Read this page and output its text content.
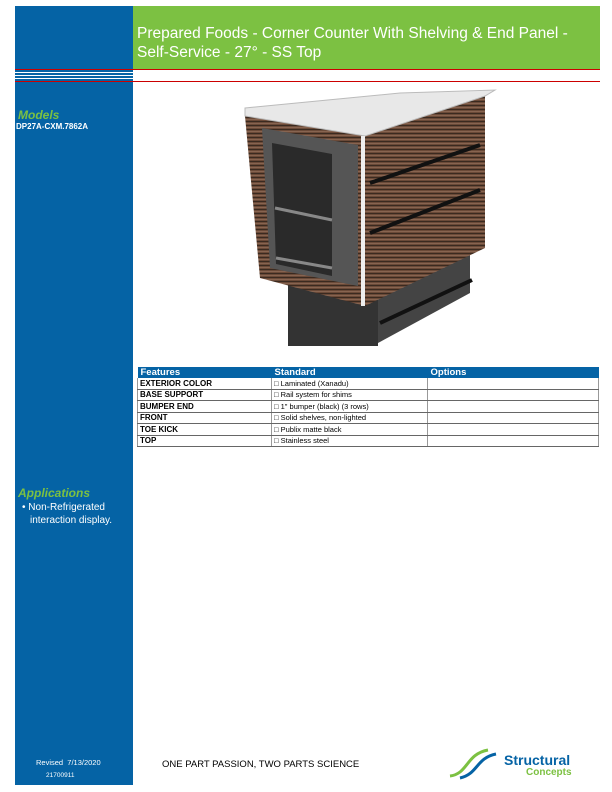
Prepared Foods - Corner Counter With Shelving & End Panel - Self-Service - 27° - SS Top
Models
DP27A-CXM.7862A
Applications
• Non-Refrigerated
interaction display.
Features	Standard	Options
EXTERIOR COLOR	□ Laminated (Xanadu)	
BASE SUPPORT	□ Rail system for shims	
BUMPER END	□ 1" bumper (black) (3 rows)	
FRONT	□ Solid shelves, non-lighted	
TOE KICK	□ Publix matte black	
TOP	□ Stainless steel	
Revised 7/13/2020
21700911
ONE PART PASSION, TWO PARTS SCIENCE	Structural
Concepts
